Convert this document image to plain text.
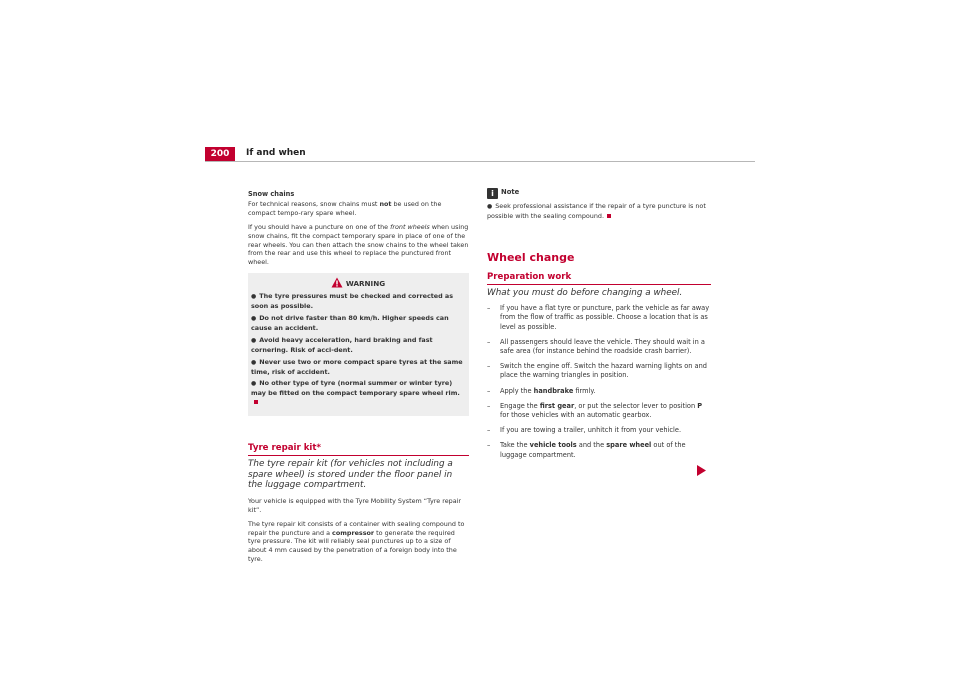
200	If and when
Snow chains

For technical reasons, snow chains must not be used on the compact tempo-rary spare wheel.

If you should have a puncture on one of the front wheels when using snow chains, fit the compact temporary spare in place of one of the rear wheels. You can then attach the snow chains to the wheel taken from the rear and use this wheel to replace the punctured front wheel.

WARNING
● The tyre pressures must be checked and corrected as soon as possible.
● Do not drive faster than 80 km/h. Higher speeds can cause an accident.
● Avoid heavy acceleration, hard braking and fast cornering. Risk of acci-dent.
● Never use two or more compact spare tyres at the same time, risk of accident.
● No other type of tyre (normal summer or winter tyre) may be fitted on the compact temporary spare wheel rim.
Tyre repair kit*
The tyre repair kit (for vehicles not including a spare wheel) is stored under the floor panel in the luggage compartment.

Your vehicle is equipped with the Tyre Mobility System “Tyre repair kit”.

The tyre repair kit consists of a container with sealing compound to repair the puncture and a compressor to generate the required tyre pressure. The kit will reliably seal punctures up to a size of about 4 mm caused by the penetration of a foreign body into the tyre.

i Note

● Seek professional assistance if the repair of a tyre puncture is not possible with the sealing compound.

Wheel change
Preparation work
What you must do before changing a wheel.
– If you have a flat tyre or puncture, park the vehicle as far away from the flow of traffic as possible. Choose a location that is as level as possible.
– All passengers should leave the vehicle. They should wait in a safe area (for instance behind the roadside crash barrier).
– Switch the engine off. Switch the hazard warning lights on and place the warning triangles in position.
– Apply the handbrake firmly.
– Engage the first gear, or put the selector lever to position P for those vehicles with an automatic gearbox.
– If you are towing a trailer, unhitch it from your vehicle.
– Take the vehicle tools and the spare wheel out of the luggage compartment.
